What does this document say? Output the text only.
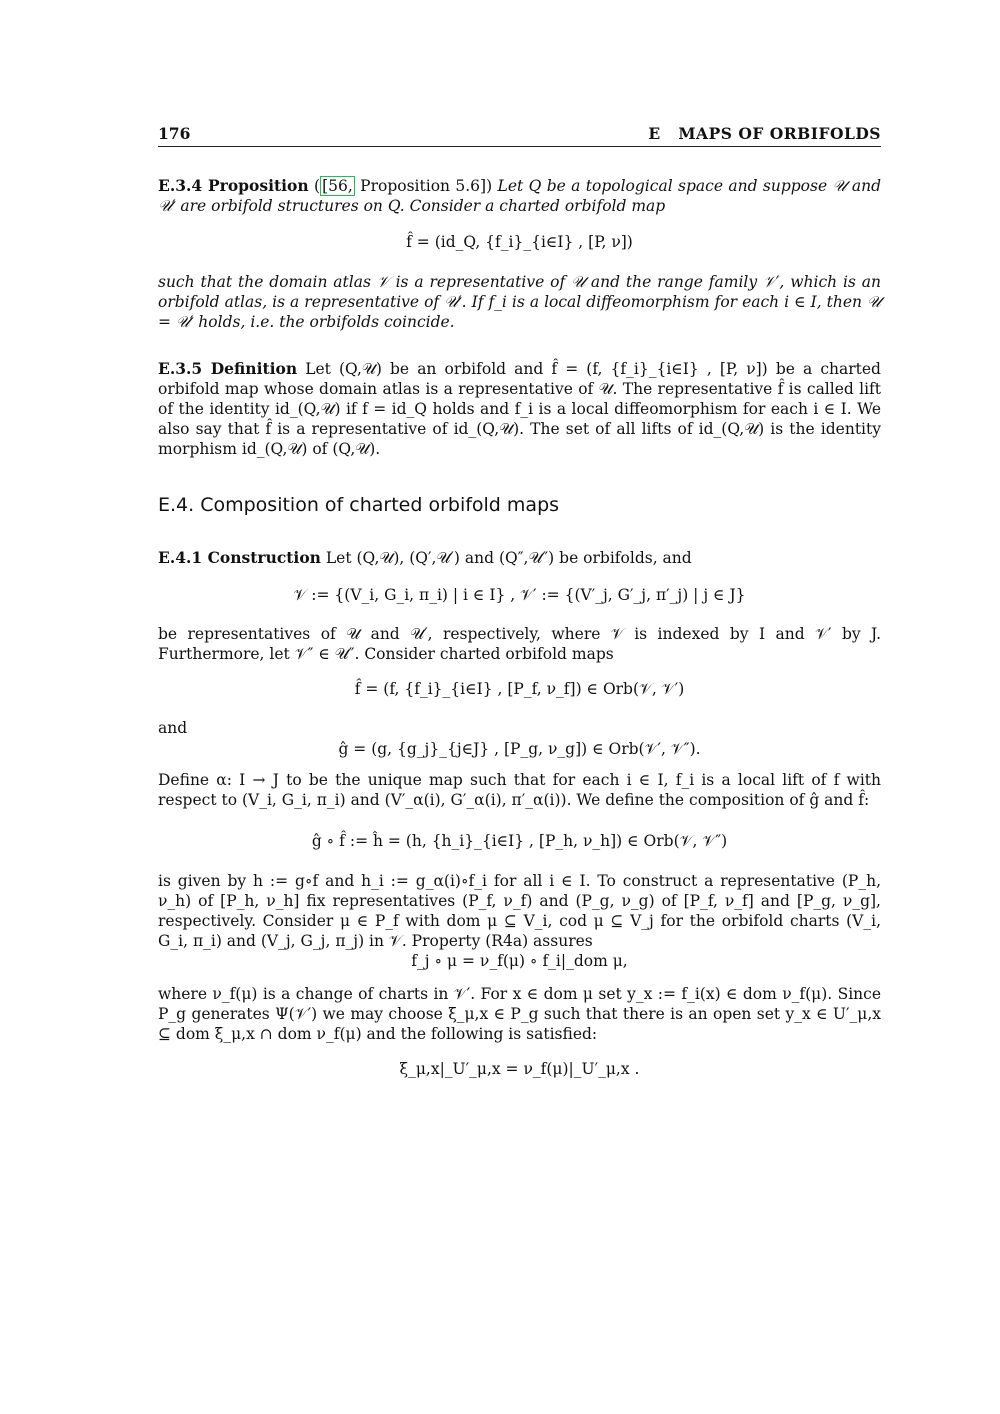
176	E   MAPS OF ORBIFOLDS
E.3.4 Proposition ( [56, Proposition 5.6]) Let Q be a topological space and suppose 𝒰 and 𝒰′ are orbifold structures on Q. Consider a charted orbifold map
f̂ = (id_Q, {f_i}_{i∈I} , [P, ν])
such that the domain atlas 𝒱 is a representative of 𝒰 and the range family 𝒱′, which is an orbifold atlas, is a representative of 𝒰′. If f_i is a local diffeomorphism for each i ∈ I, then 𝒰 = 𝒰′ holds, i.e. the orbifolds coincide.
E.3.5 Definition Let (Q,𝒰) be an orbifold and f̂ = (f, {f_i}_{i∈I} , [P, ν]) be a charted orbifold map whose domain atlas is a representative of 𝒰. The representative f̂ is called lift of the identity id_(Q,𝒰) if f = id_Q holds and f_i is a local diffeomorphism for each i ∈ I. We also say that f̂ is a representative of id_(Q,𝒰). The set of all lifts of id_(Q,𝒰) is the identity morphism id_(Q,𝒰) of (Q,𝒰).
E.4. Composition of charted orbifold maps
E.4.1 Construction Let (Q,𝒰), (Q′,𝒰′) and (Q″,𝒰″) be orbifolds, and
𝒱 := {(V_i, G_i, π_i) | i ∈ I} , 𝒱′ := {(V′_j, G′_j, π′_j) | j ∈ J}
be representatives of 𝒰 and 𝒰′, respectively, where 𝒱 is indexed by I and 𝒱′ by J. Furthermore, let 𝒱″ ∈ 𝒰″. Consider charted orbifold maps
f̂ = (f, {f_i}_{i∈I} , [P_f, ν_f]) ∈ Orb(𝒱, 𝒱′)
and
ĝ = (g, {g_j}_{j∈J} , [P_g, ν_g]) ∈ Orb(𝒱′, 𝒱″).
Define α: I → J to be the unique map such that for each i ∈ I, f_i is a local lift of f with respect to (V_i, G_i, π_i) and (V′_α(i), G′_α(i), π′_α(i)). We define the composition of ĝ and f̂:
ĝ ∘ f̂ := ĥ = (h, {h_i}_{i∈I} , [P_h, ν_h]) ∈ Orb(𝒱, 𝒱″)
is given by h := g∘f and h_i := g_α(i)∘f_i for all i ∈ I. To construct a representative (P_h, ν_h) of [P_h, ν_h] fix representatives (P_f, ν_f) and (P_g, ν_g) of [P_f, ν_f] and [P_g, ν_g], respectively. Consider μ ∈ P_f with dom μ ⊆ V_i, cod μ ⊆ V_j for the orbifold charts (V_i, G_i, π_i) and (V_j, G_j, π_j) in 𝒱. Property (R4a) assures
f_j ∘ μ = ν_f(μ) ∘ f_i|_dom μ,
where ν_f(μ) is a change of charts in 𝒱′. For x ∈ dom μ set y_x := f_i(x) ∈ dom ν_f(μ). Since P_g generates Ψ(𝒱′) we may choose ξ_μ,x ∈ P_g such that there is an open set y_x ∈ U′_μ,x ⊆ dom ξ_μ,x ∩ dom ν_f(μ) and the following is satisfied:
ξ_μ,x|_U′_μ,x = ν_f(μ)|_U′_μ,x .
